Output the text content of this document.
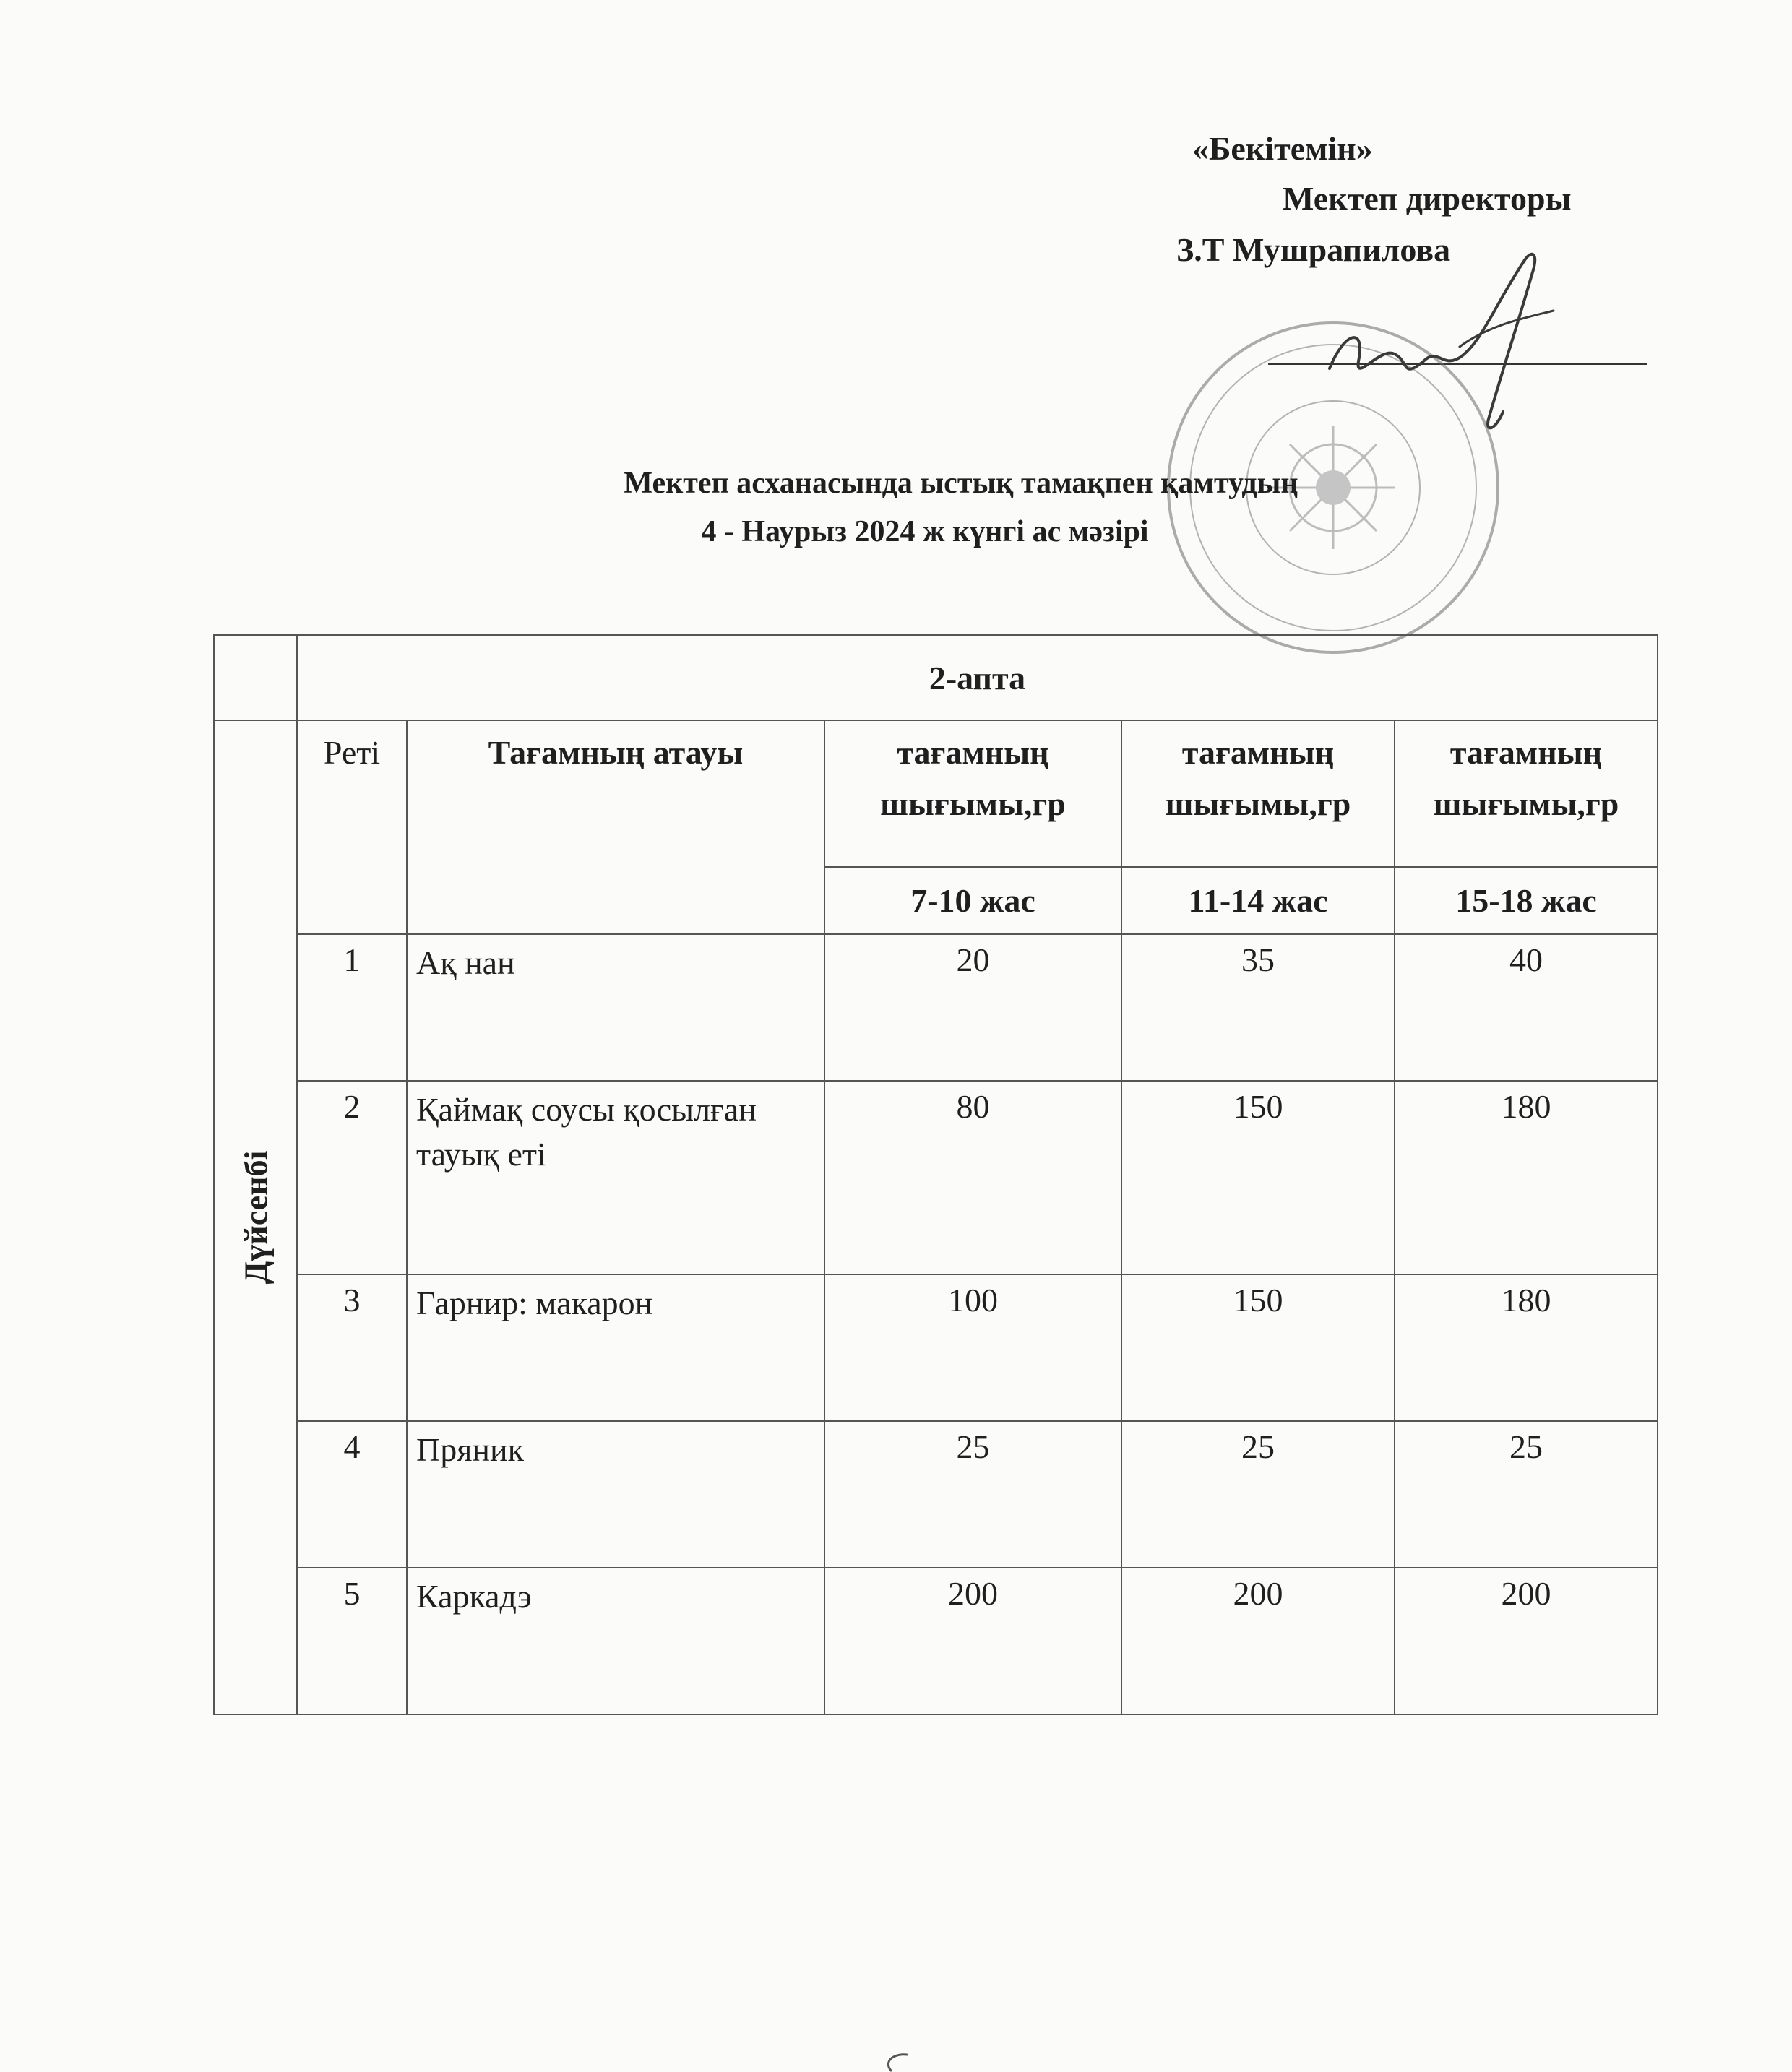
«Бекітемін»
Мектеп директоры
З.Т Мушрапилова
Мектеп асханасында ыстық тамақпен қамтудың
4 - Наурыз 2024 ж күнгі ас мәзірі
	2-апта				

Дүйсенбі	Реті	Тағамның атауы	тағамның шығымы,гр	тағамның шығымы,гр	тағамның шығымы,гр
			7-10 жас	11-14 жас	15-18 жас
	1	Ақ нан	20	35	40
	2	Қаймақ соусы қосылған тауық еті	80	150	180
	3	Гарнир: макарон	100	150	180
	4	Пряник	25	25	25
	5	Каркадэ	200	200	200
